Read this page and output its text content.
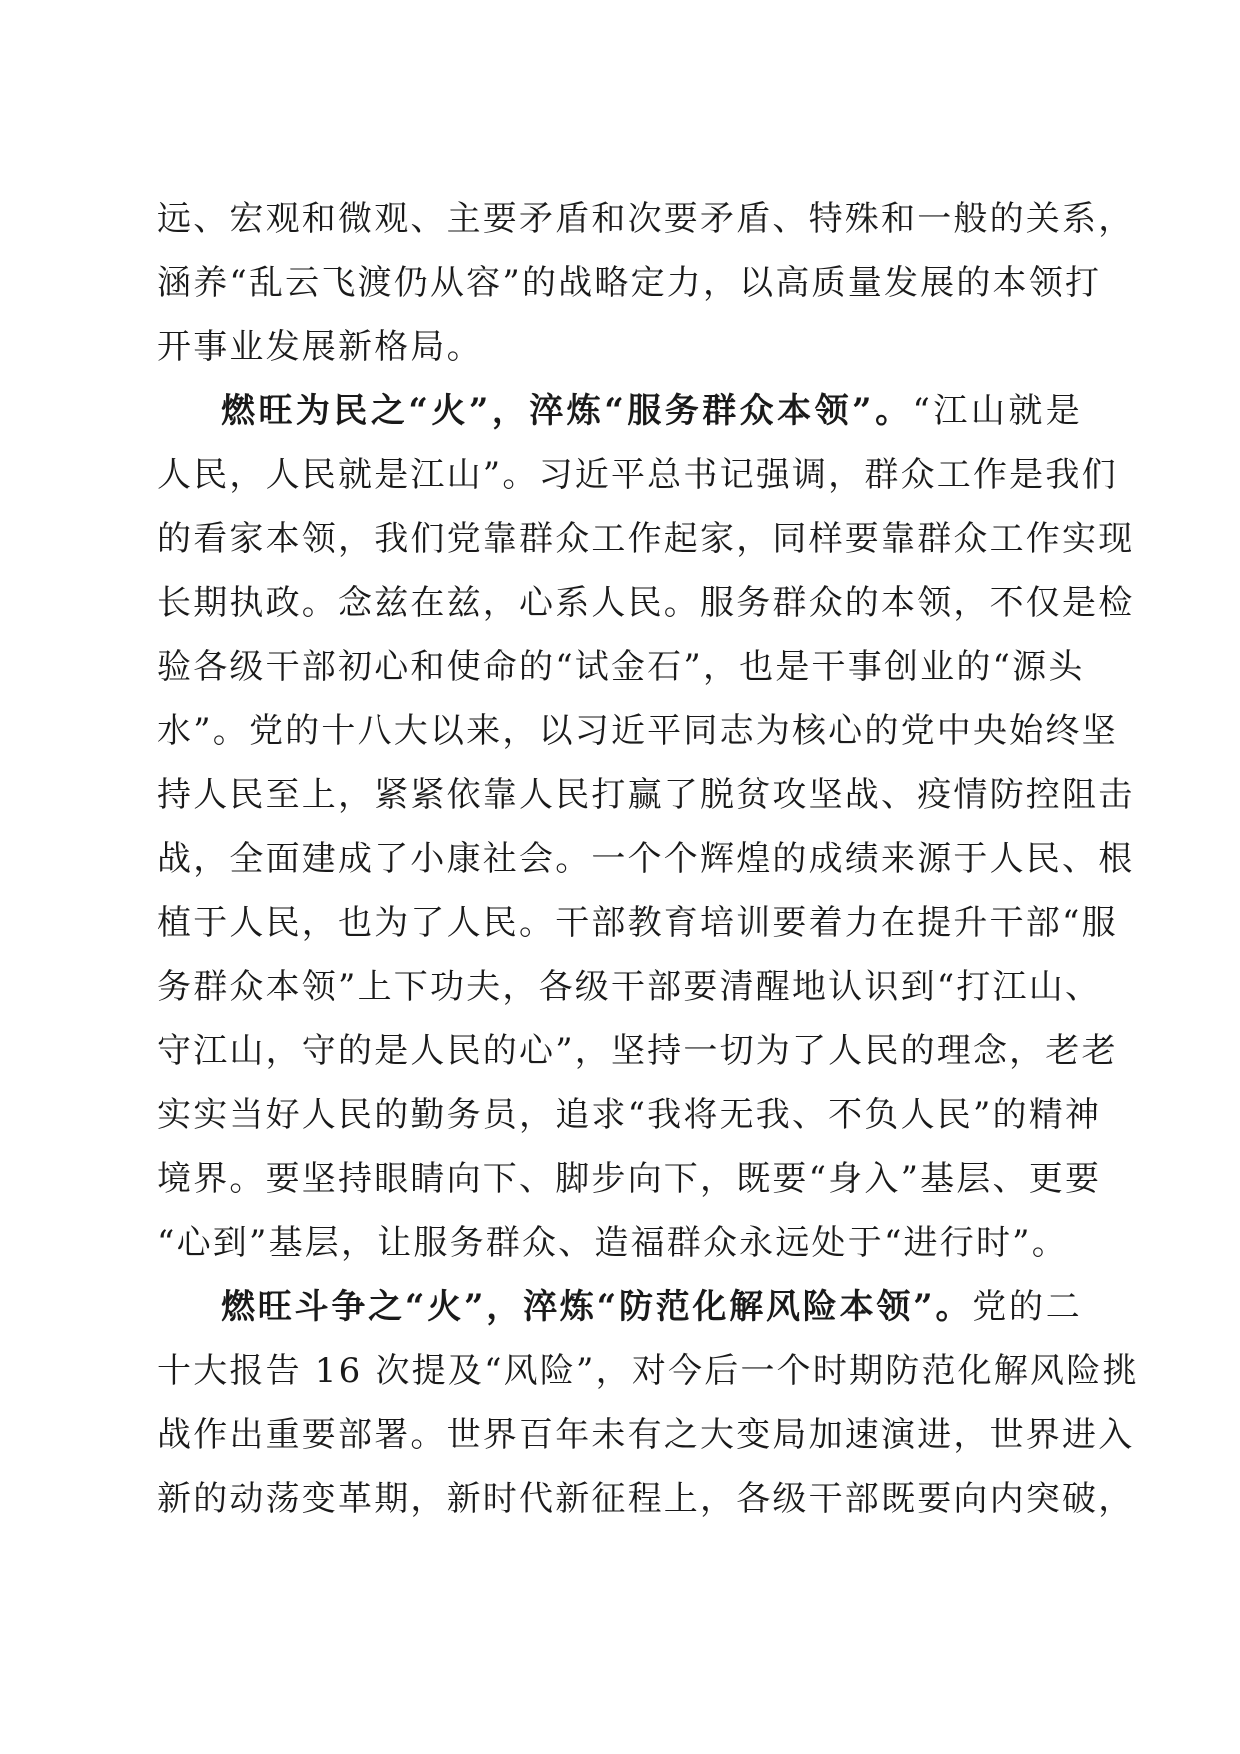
远、宏观和微观、主要矛盾和次要矛盾、特殊和一般的关系，
涵养“乱云飞渡仍从容”的战略定力，以高质量发展的本领打
开事业发展新格局。
燃旺为民之“火”，淬炼“服务群众本领”。“江山就是
人民，人民就是江山”。习近平总书记强调，群众工作是我们
的看家本领，我们党靠群众工作起家，同样要靠群众工作实现
长期执政。念兹在兹，心系人民。服务群众的本领，不仅是检
验各级干部初心和使命的“试金石”，也是干事创业的“源头
水”。党的十八大以来，以习近平同志为核心的党中央始终坚
持人民至上，紧紧依靠人民打赢了脱贫攻坚战、疫情防控阻击
战，全面建成了小康社会。一个个辉煌的成绩来源于人民、根
植于人民，也为了人民。干部教育培训要着力在提升干部“服
务群众本领”上下功夫，各级干部要清醒地认识到“打江山、
守江山，守的是人民的心”，坚持一切为了人民的理念，老老
实实当好人民的勤务员，追求“我将无我、不负人民”的精神
境界。要坚持眼睛向下、脚步向下，既要“身入”基层、更要
“心到”基层，让服务群众、造福群众永远处于“进行时”。
燃旺斗争之“火”，淬炼“防范化解风险本领”。党的二
十大报告 16 次提及“风险”，对今后一个时期防范化解风险挑
战作出重要部署。世界百年未有之大变局加速演进，世界进入
新的动荡变革期，新时代新征程上，各级干部既要向内突破，
